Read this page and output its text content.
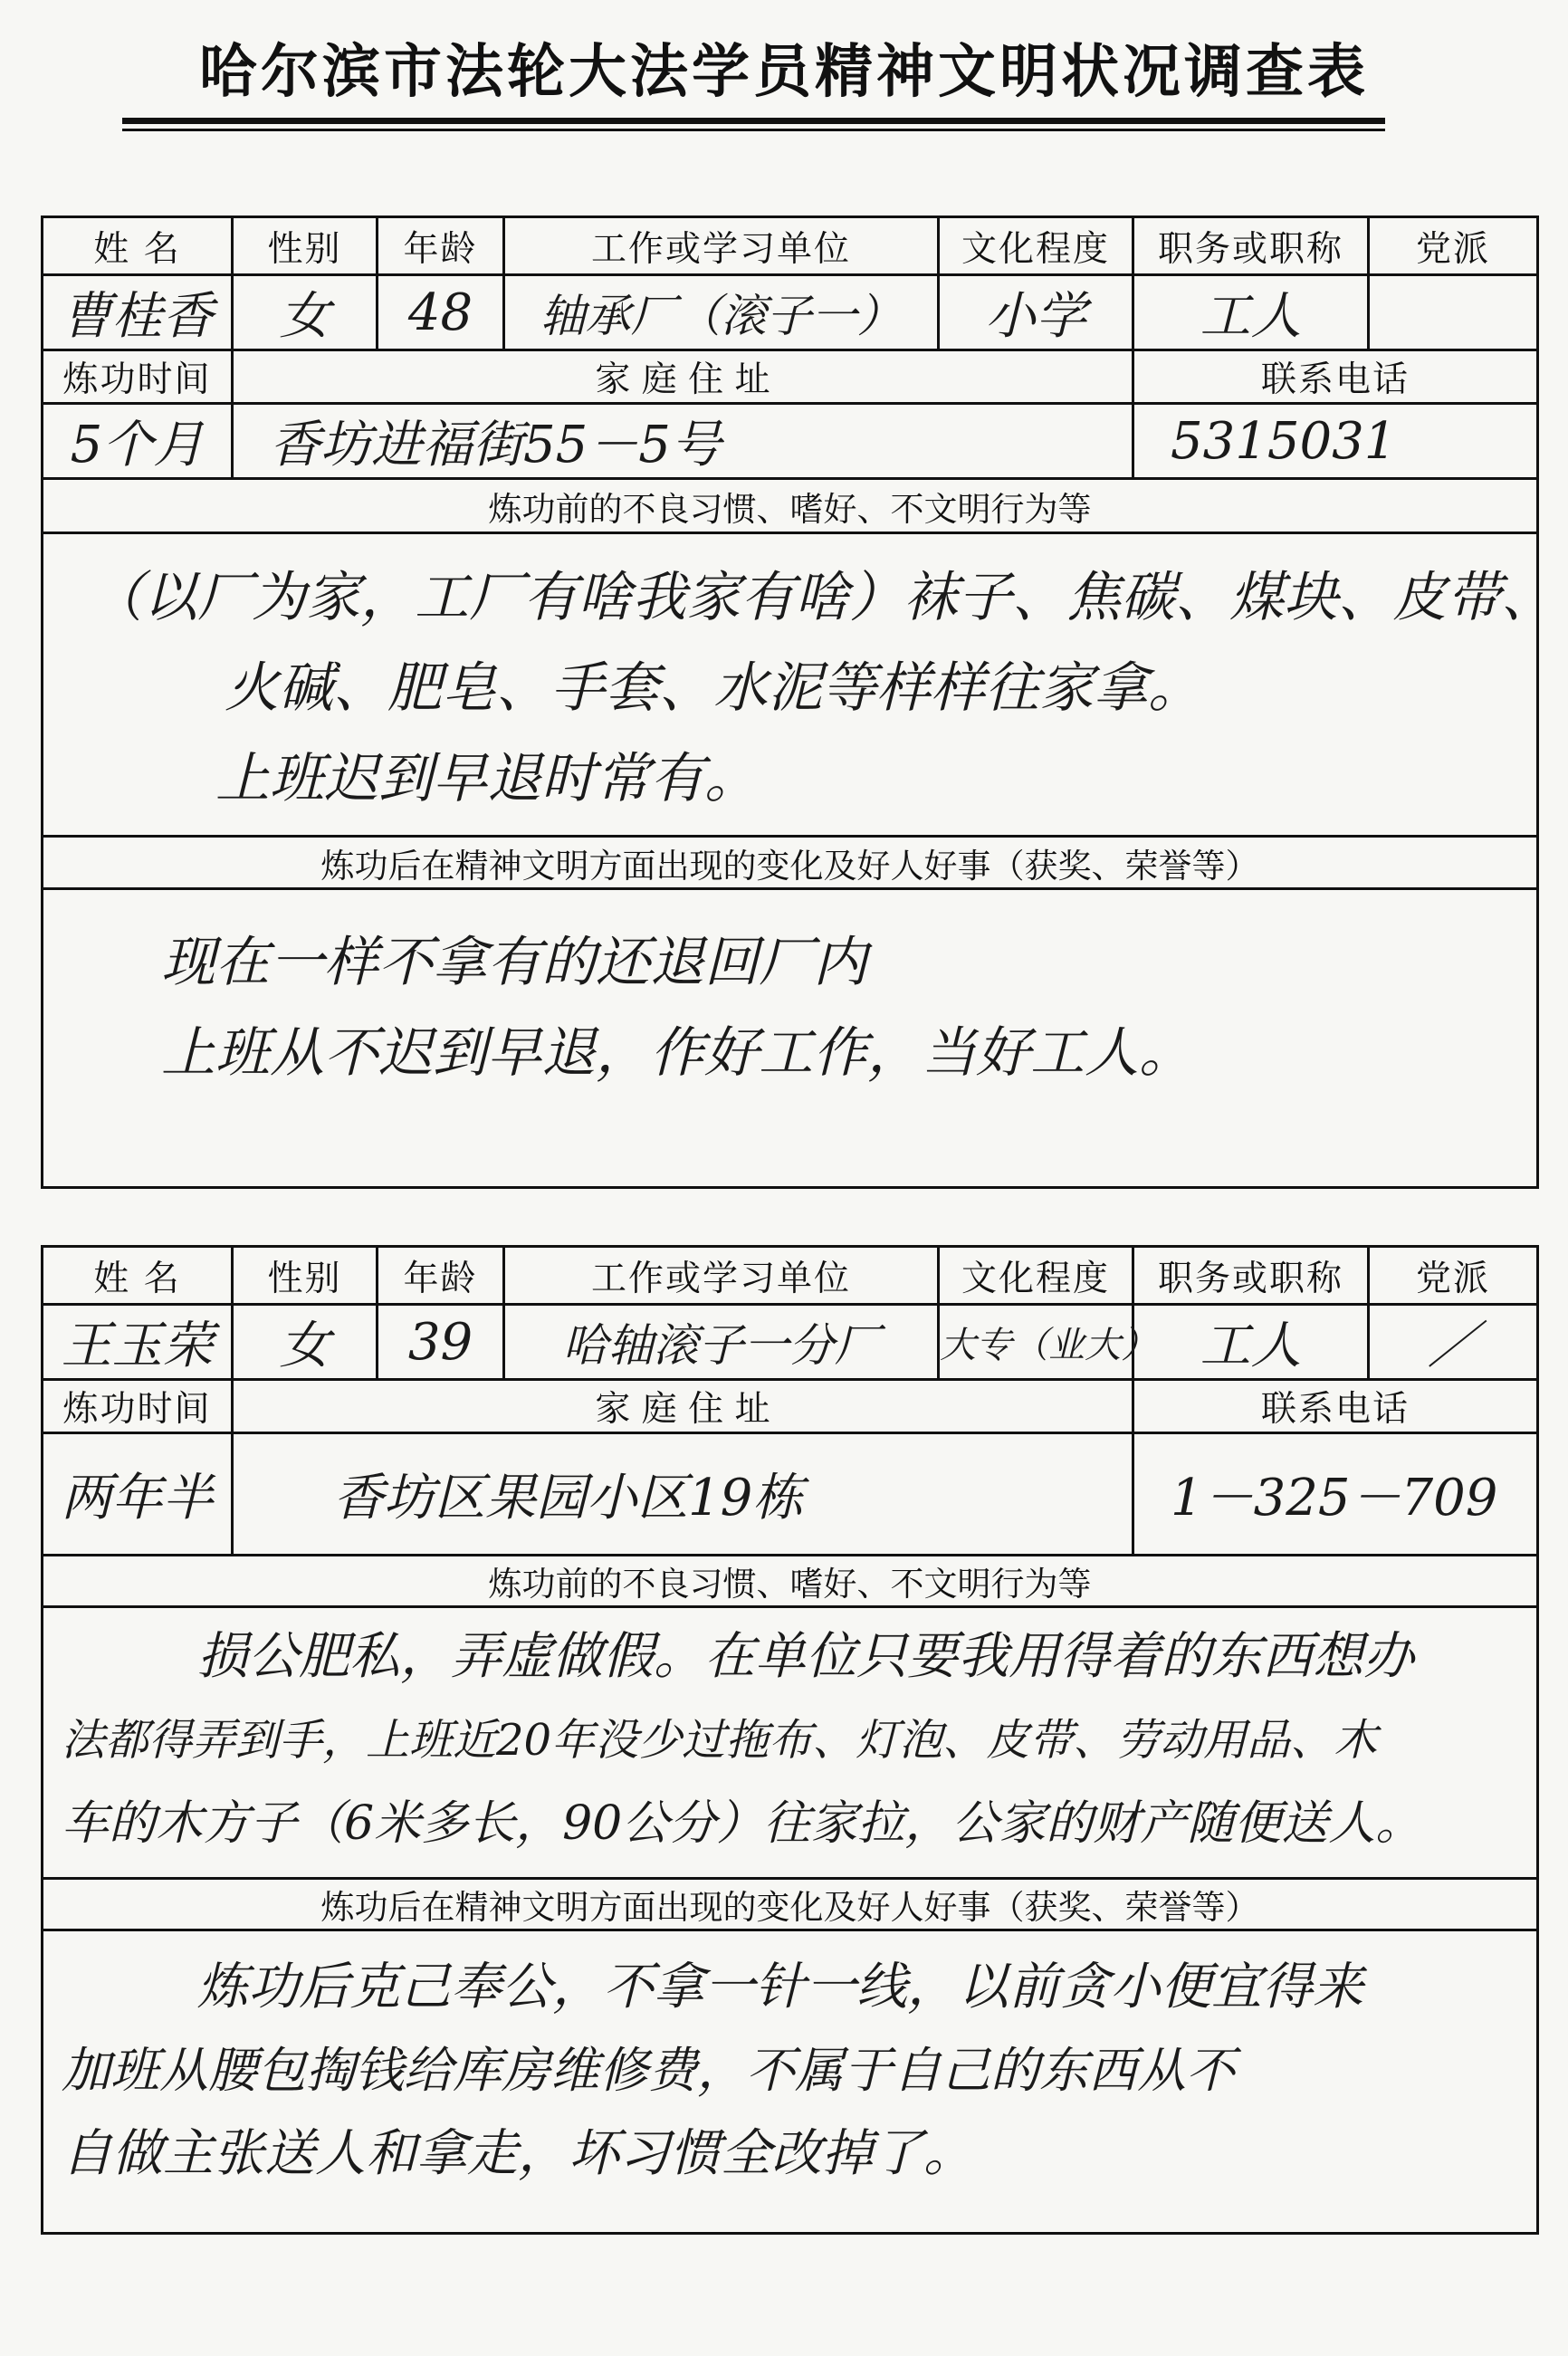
哈尔滨市法轮大法学员精神文明状况调查表
姓 名	性别	年龄	工作或学习单位	文化程度	职务或职称	党派
曹桂香	女	48	轴承厂（滚子一）	小学	工人	
炼功时间	家 庭 住 址				联系电话	
5个月	香坊进福街55－5号				5315031	
炼功前的不良习惯、嗜好、不文明行为等						

（以厂为家，工厂有啥我家有啥）袜子、焦碳、煤块、皮带、
火碱、肥皂、手套、水泥等样样往家拿。
上班迟到早退时常有。						

炼功后在精神文明方面出现的变化及好人好事（获奖、荣誉等）						

现在一样不拿有的还退回厂内
上班从不迟到早退，作好工作，当好工人。						
姓 名	性别	年龄	工作或学习单位	文化程度	职务或职称	党派
王玉荣	女	39	哈轴滚子一分厂	大专（业大）	工人	／
炼功时间	家 庭 住 址				联系电话	
两年半	香坊区果园小区19栋				1－325－709	
炼功前的不良习惯、嗜好、不文明行为等						

损公肥私，弄虚做假。在单位只要我用得着的东西想办
法都得弄到手，上班近20年没少过拖布、灯泡、皮带、劳动用品、木
车的木方子（6米多长，90公分）往家拉，公家的财产随便送人。						

炼功后在精神文明方面出现的变化及好人好事（获奖、荣誉等）						

炼功后克己奉公，不拿一针一线，以前贪小便宜得来
加班从腰包掏钱给库房维修费，不属于自己的东西从不
自做主张送人和拿走，坏习惯全改掉了。						
